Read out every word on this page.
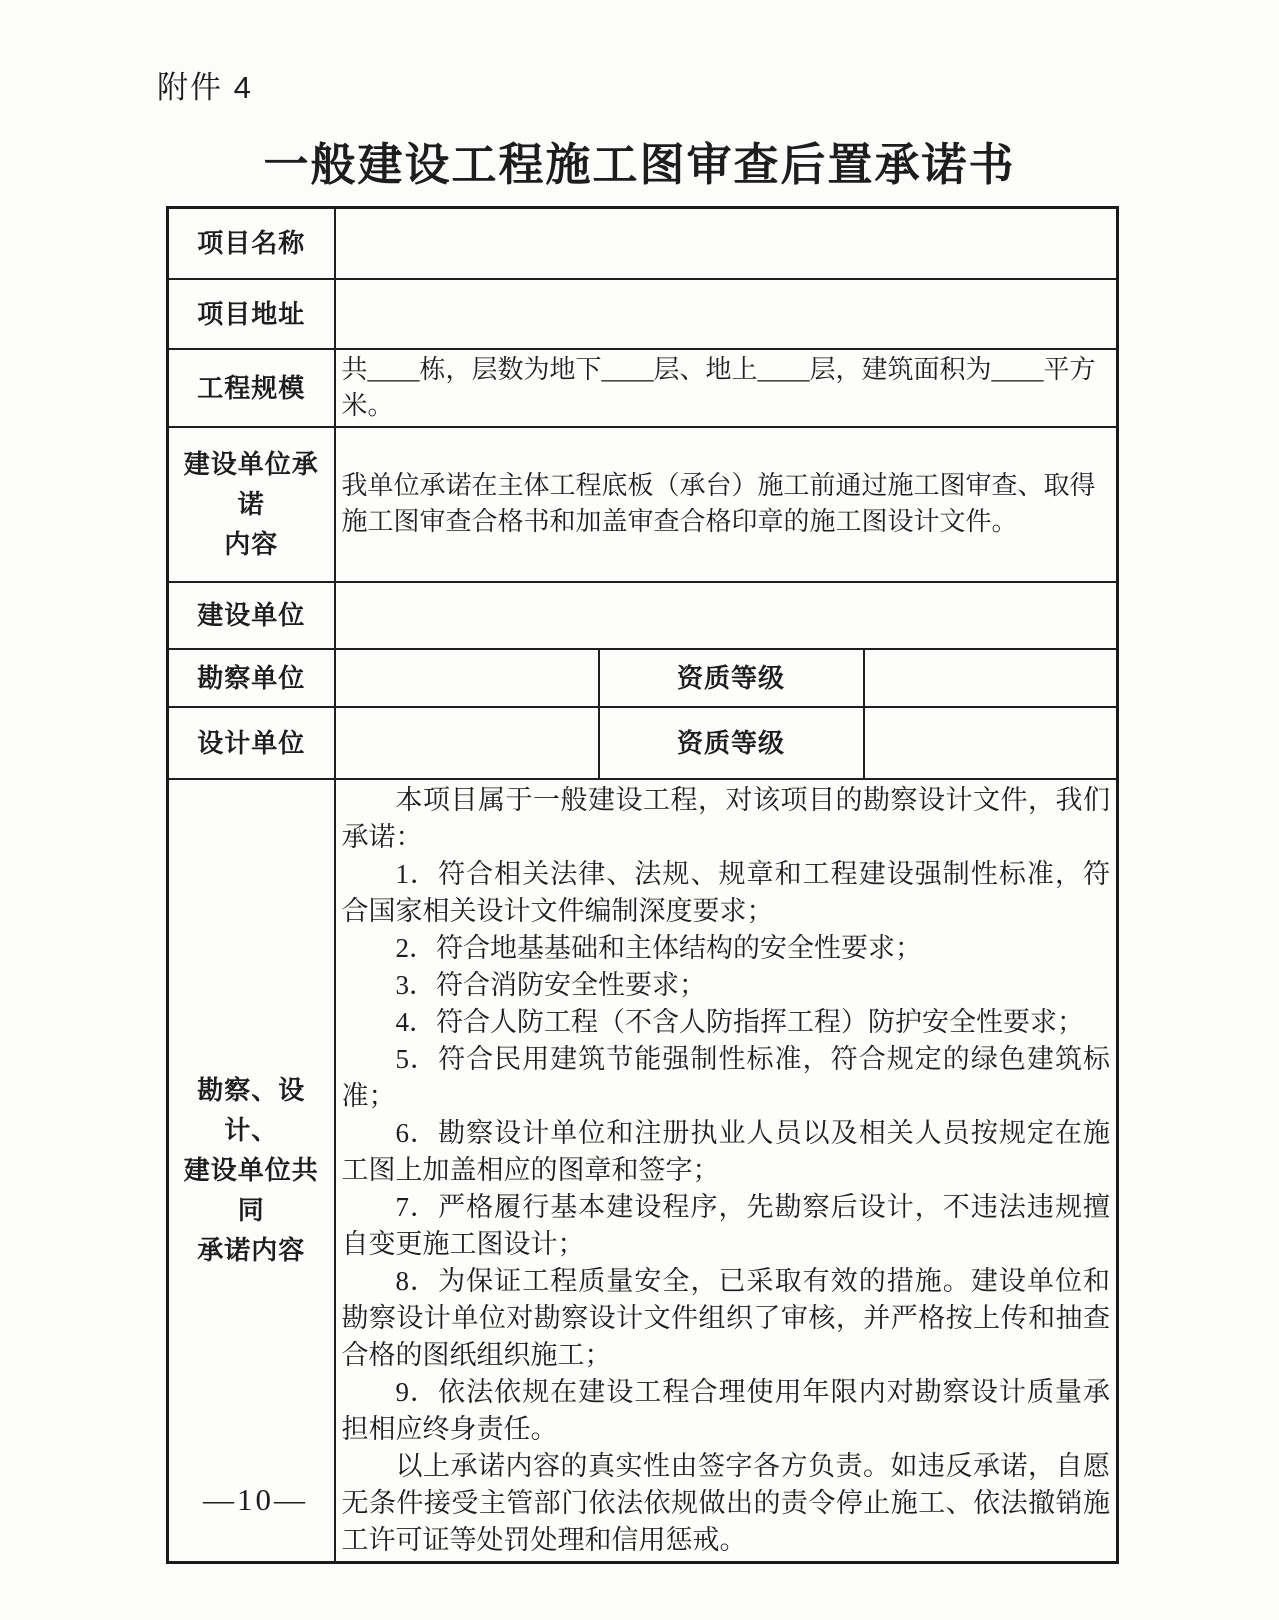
附件 4
一般建设工程施工图审查后置承诺书
项目名称			
项目地址			
工程规模	共____栋，层数为地下____层、地上____层，建筑面积为____平方米。		

建设单位承诺
内容	我单位承诺在主体工程底板（承台）施工前通过施工图审查、取得施工图审查合格书和加盖审查合格印章的施工图设计文件。		
建设单位			
勘察单位		资质等级	
设计单位		资质等级	

勘察、设计、
建设单位共同
承诺内容

本项目属于一般建设工程，对该项目的勘察设计文件，我们承诺：

1．符合相关法律、法规、规章和工程建设强制性标准，符合国家相关设计文件编制深度要求；

2．符合地基基础和主体结构的安全性要求；

3．符合消防安全性要求；

4．符合人防工程（不含人防指挥工程）防护安全性要求；

5．符合民用建筑节能强制性标准，符合规定的绿色建筑标准；

6．勘察设计单位和注册执业人员以及相关人员按规定在施工图上加盖相应的图章和签字；

7．严格履行基本建设程序，先勘察后设计，不违法违规擅自变更施工图设计；

8．为保证工程质量安全，已采取有效的措施。建设单位和勘察设计单位对勘察设计文件组织了审核，并严格按上传和抽查合格的图纸组织施工；

9．依法依规在建设工程合理使用年限内对勘察设计质量承担相应终身责任。

以上承诺内容的真实性由签字各方负责。如违反承诺，自愿无条件接受主管部门依法依规做出的责令停止施工、依法撤销施工许可证等处罚处理和信用惩戒。

—10—
